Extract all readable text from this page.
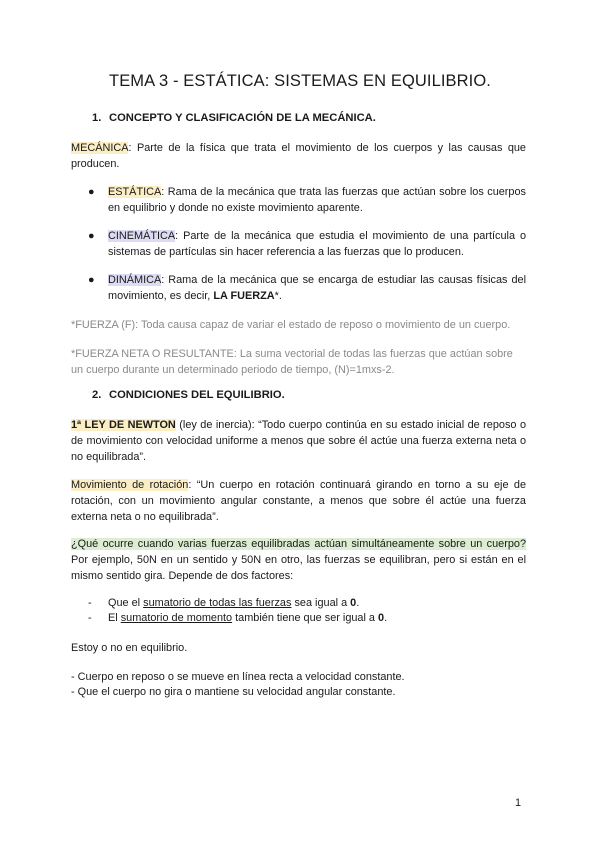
TEMA 3 - ESTÁTICA: SISTEMAS EN EQUILIBRIO.
1. CONCEPTO Y CLASIFICACIÓN DE LA MECÁNICA.
MECÁNICA: Parte de la física que trata el movimiento de los cuerpos y las causas que producen.
●	ESTÁTICA: Rama de la mecánica que trata las fuerzas que actúan sobre los cuerpos en equilibrio y donde no existe movimiento aparente.
●	CINEMÁTICA: Parte de la mecánica que estudia el movimiento de una partícula o sistemas de partículas sin hacer referencia a las fuerzas que lo producen.
●	DINÁMICA: Rama de la mecánica que se encarga de estudiar las causas físicas del movimiento, es decir, LA FUERZA*.
*FUERZA (F): Toda causa capaz de variar el estado de reposo o movimiento de un cuerpo.
*FUERZA NETA O RESULTANTE: La suma vectorial de todas las fuerzas que actúan sobre un cuerpo durante un determinado periodo de tiempo, (N)=1mxs-2.
2. CONDICIONES DEL EQUILIBRIO.
1ª LEY DE NEWTON (ley de inercia): “Todo cuerpo continúa en su estado inicial de reposo o de movimiento con velocidad uniforme a menos que sobre él actúe una fuerza externa neta o no equilibrada”.
Movimiento de rotación: “Un cuerpo en rotación continuará girando en torno a su eje de rotación, con un movimiento angular constante, a menos que sobre él actúe una fuerza externa neta o no equilibrada”.
¿Qué ocurre cuando varias fuerzas equilibradas actúan simultáneamente sobre un cuerpo? Por ejemplo, 50N en un sentido y 50N en otro, las fuerzas se equilibran, pero si están en el mismo sentido gira. Depende de dos factores:
-	Que el sumatorio de todas las fuerzas sea igual a 0.
-	El sumatorio de momento también tiene que ser igual a 0.
Estoy o no en equilibrio.
- Cuerpo en reposo o se mueve en línea recta a velocidad constante.
- Que el cuerpo no gira o mantiene su velocidad angular constante.
1
